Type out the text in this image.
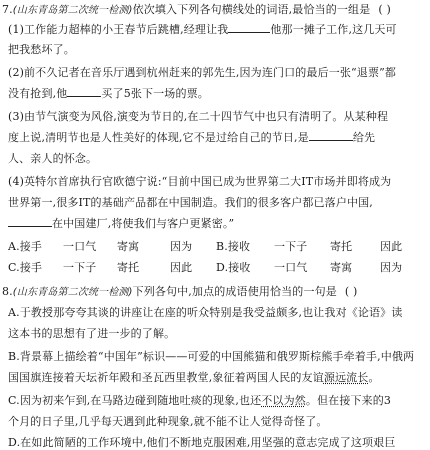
7.(山东青岛第二次统一检测)依次填入下列各句横线处的词语,最恰当的一组是 ( )
(1)工作能力超棒的小王春节后跳槽,经理让我	他那一摊子工作,这几天可
把我愁坏了。
(2)前不久记者在音乐厅遇到杭州赶来的郭先生,因为连门口的最后一张“退票”都
没有抢到,他	买了5张下一场的票。
(3)由节气演变为风俗,演变为节日的,在二十四节气中也只有清明了。从某种程
度上说,清明节也是人性美好的体现,它不是过给自己的节日,是	给先
人、亲人的怀念。
(4)英特尔首席执行官欧德宁说:“目前中国已成为世界第二大IT市场并即将成为
世界第一,很多IT的基础产品都在中国制造。我们的很多客户都已落户中国,
在中国建厂,将使我们与客户更紧密。”
A.接手	一口气	寄寓	因为	B.接收	一下子	寄托	因此
C.接手	一下子	寄托	因此	D.接收	一口气	寄寓	因为
8.(山东青岛第二次统一检测)下列各句中,加点的成语使用恰当的一句是 ( )
A.于教授那夸夸其谈的讲座让在座的听众特别是我受益颇多,也让我对《论语》读
这本书的思想有了进一步的了解。
B.背景幕上描绘着“中国年”标识——可爱的中国熊猫和俄罗斯棕熊手牵着手,中俄两
国国旗连接着天坛祈年殿和圣瓦西里教堂,象征着两国人民的友谊源远流长。
C.因为初来乍到,在马路边碰到随地吐痰的现象,也还不以为然。但在接下来的3
个月的日子里,几乎每天遇到此种现象,就不能不让人觉得奇怪了。
D.在如此简陋的工作环境中,他们不断地克服困难,用坚强的意志完成了这项艰巨
